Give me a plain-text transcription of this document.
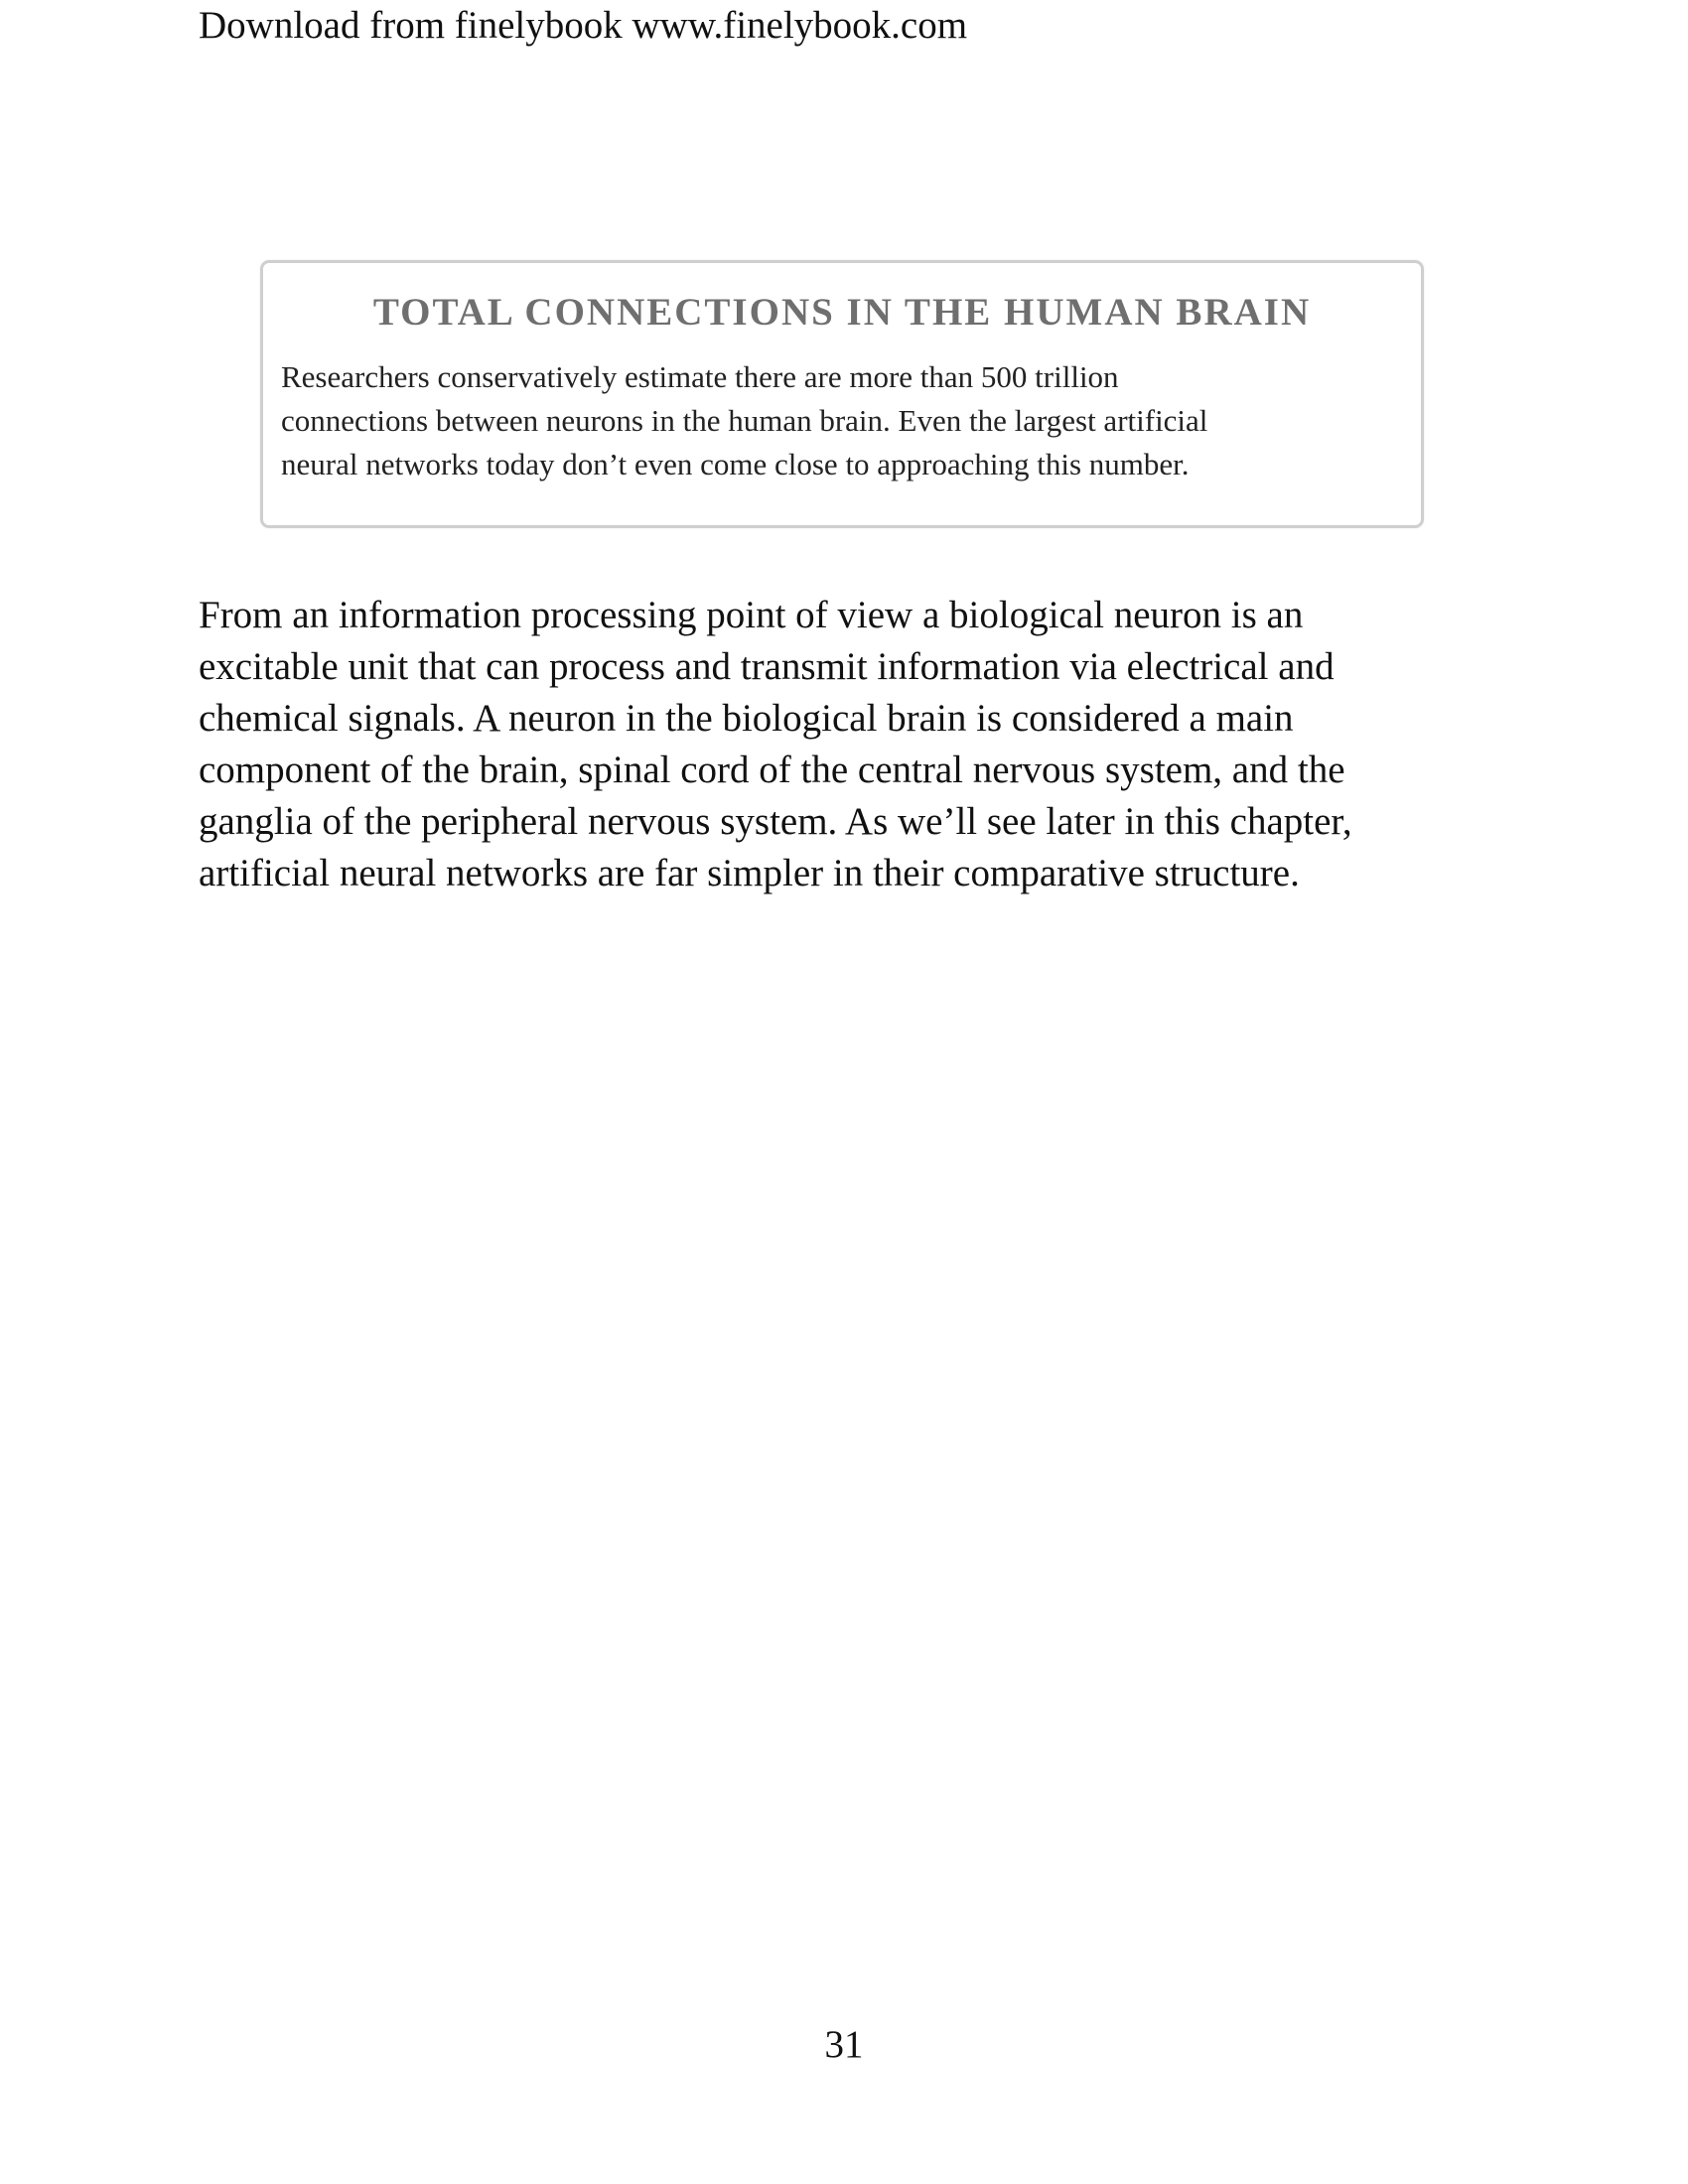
Download from finelybook www.finelybook.com
TOTAL CONNECTIONS IN THE HUMAN BRAIN
Researchers conservatively estimate there are more than 500 trillion
connections between neurons in the human brain. Even the largest artificial
neural networks today don’t even come close to approaching this number.
From an information processing point of view a biological neuron is an
excitable unit that can process and transmit information via electrical and
chemical signals. A neuron in the biological brain is considered a main
component of the brain, spinal cord of the central nervous system, and the
ganglia of the peripheral nervous system. As we’ll see later in this chapter,
artificial neural networks are far simpler in their comparative structure.
31
